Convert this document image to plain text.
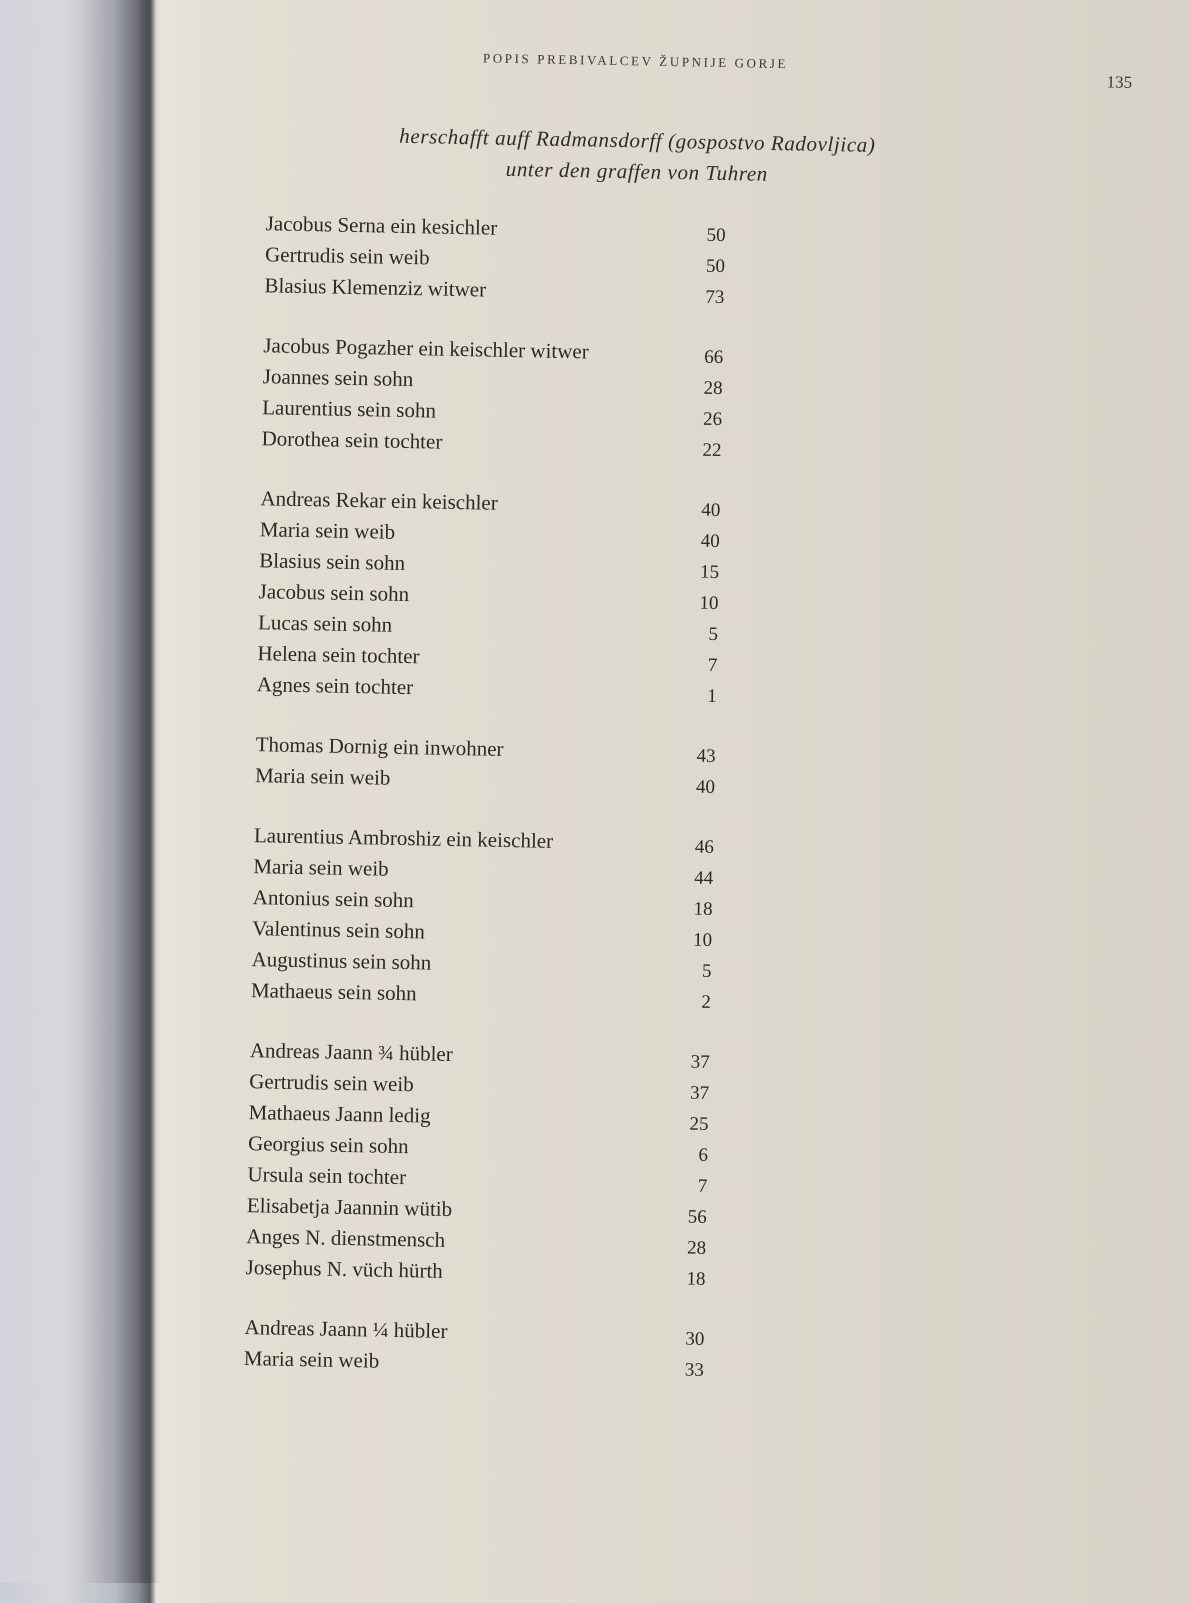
POPIS PREBIVALCEV ŽUPNIJE GORJE
135
herschafft auff Radmansdorff (gospostvo Radovljica)
unter den graffen von Tuhren
Jacobus Serna ein kesichler	50
Gertrudis sein weib	50
Blasius Klemenziz witwer	73
Jacobus Pogazher ein keischler witwer	66
Joannes sein sohn	28
Laurentius sein sohn	26
Dorothea sein tochter	22
Andreas Rekar ein keischler	40
Maria sein weib	40
Blasius sein sohn	15
Jacobus sein sohn	10
Lucas sein sohn	5
Helena sein tochter	7
Agnes sein tochter	1
Thomas Dornig ein inwohner	43
Maria sein weib	40
Laurentius Ambroshiz ein keischler	46
Maria sein weib	44
Antonius sein sohn	18
Valentinus sein sohn	10
Augustinus sein sohn	5
Mathaeus sein sohn	2
Andreas Jaann ¾ hübler	37
Gertrudis sein weib	37
Mathaeus Jaann ledig	25
Georgius sein sohn	6
Ursula sein tochter	7
Elisabetja Jaannin wütib	56
Anges N. dienstmensch	28
Josephus N. vüch hürth	18
Andreas Jaann ¼ hübler	30
Maria sein weib	33
